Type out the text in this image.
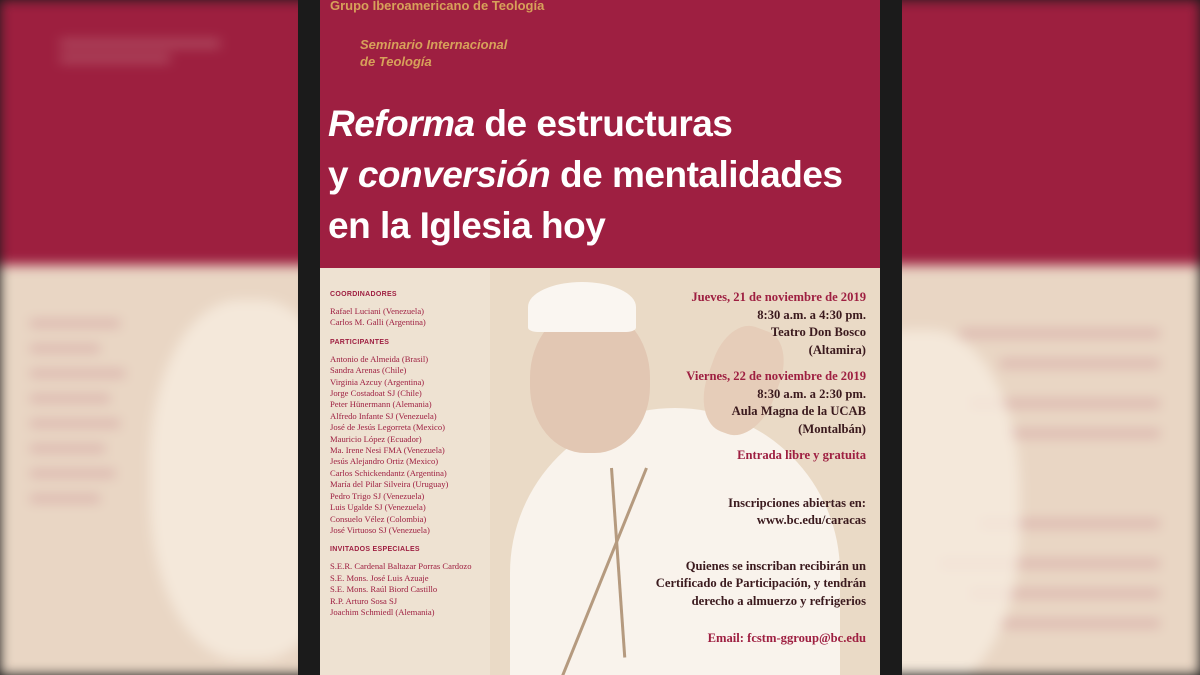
Grupo Iberoamericano de Teología
Seminario Internacional
de Teología
Reforma de estructuras
y conversión de mentalidades
en la Iglesia hoy
COORDINADORES
Rafael Luciani (Venezuela)
Carlos M. Galli (Argentina)
PARTICIPANTES
Antonio de Almeida (Brasil)
Sandra Arenas (Chile)
Virginia Azcuy (Argentina)
Jorge Costadoat SJ (Chile)
Peter Hünermann (Alemania)
Alfredo Infante SJ (Venezuela)
José de Jesús Legorreta (Mexico)
Mauricio López (Ecuador)
Ma. Irene Nesi FMA (Venezuela)
Jesús Alejandro Ortiz (Mexico)
Carlos Schickendantz (Argentina)
María del Pilar Silveira (Uruguay)
Pedro Trigo SJ (Venezuela)
Luis Ugalde SJ (Venezuela)
Consuelo Vélez (Colombia)
José Virtuoso SJ (Venezuela)
INVITADOS ESPECIALES
S.E.R. Cardenal Baltazar Porras Cardozo
S.E. Mons. José Luis Azuaje
S.E. Mons. Raúl Biord Castillo
R.P. Arturo Sosa SJ
Joachim Schmiedl (Alemania)
Jueves, 21 de noviembre de 2019
8:30 a.m. a 4:30 pm.
Teatro Don Bosco
(Altamira)
Viernes, 22 de noviembre de 2019
8:30 a.m. a 2:30 pm.
Aula Magna de la UCAB
(Montalbán)
Entrada libre y gratuita
Inscripciones abiertas en:
www.bc.edu/caracas
Quienes se inscriban recibirán un
Certificado de Participación, y tendrán
derecho a almuerzo y refrigerios
Email: fcstm-ggroup@bc.edu
